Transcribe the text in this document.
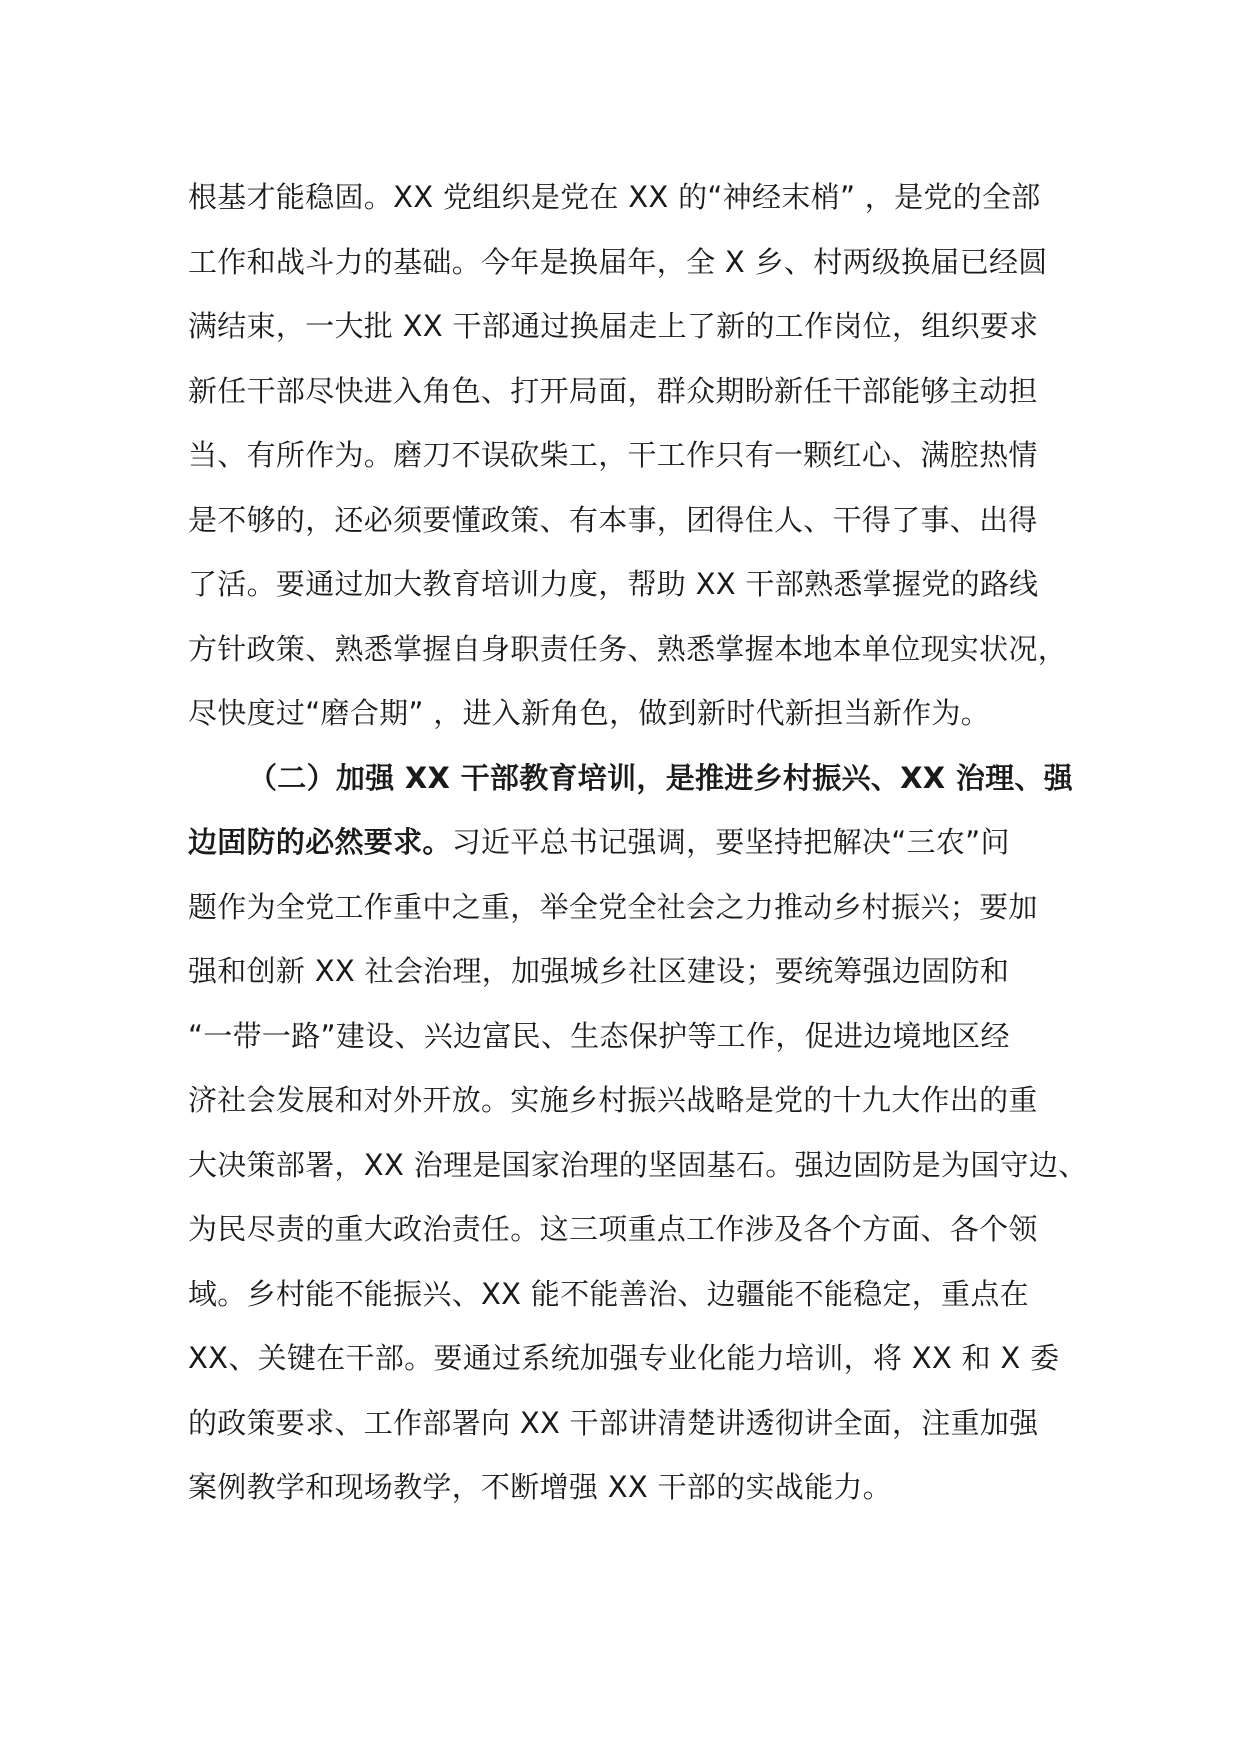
根基才能稳固。XX 党组织是党在 XX 的“神经末梢” ，是党的全部
工作和战斗力的基础。今年是换届年，全 X 乡、村两级换届已经圆
满结束，一大批 XX 干部通过换届走上了新的工作岗位，组织要求
新任干部尽快进入角色、打开局面，群众期盼新任干部能够主动担
当、有所作为。磨刀不误砍柴工，干工作只有一颗红心、满腔热情
是不够的，还必须要懂政策、有本事，团得住人、干得了事、出得
了活。要通过加大教育培训力度，帮助 XX 干部熟悉掌握党的路线
方针政策、熟悉掌握自身职责任务、熟悉掌握本地本单位现实状况，
尽快度过“磨合期” ，进入新角色，做到新时代新担当新作为。
（二）加强 XX 干部教育培训，是推进乡村振兴、XX 治理、强
边固防的必然要求。习近平总书记强调，要坚持把解决“三农”问
题作为全党工作重中之重，举全党全社会之力推动乡村振兴；要加
强和创新 XX 社会治理，加强城乡社区建设；要统筹强边固防和
“一带一路”建设、兴边富民、生态保护等工作，促进边境地区经
济社会发展和对外开放。实施乡村振兴战略是党的十九大作出的重
大决策部署，XX 治理是国家治理的坚固基石。强边固防是为国守边、
为民尽责的重大政治责任。这三项重点工作涉及各个方面、各个领
域。乡村能不能振兴、XX 能不能善治、边疆能不能稳定，重点在
XX、关键在干部。要通过系统加强专业化能力培训，将 XX 和 X 委
的政策要求、工作部署向 XX 干部讲清楚讲透彻讲全面，注重加强
案例教学和现场教学，不断增强 XX 干部的实战能力。
